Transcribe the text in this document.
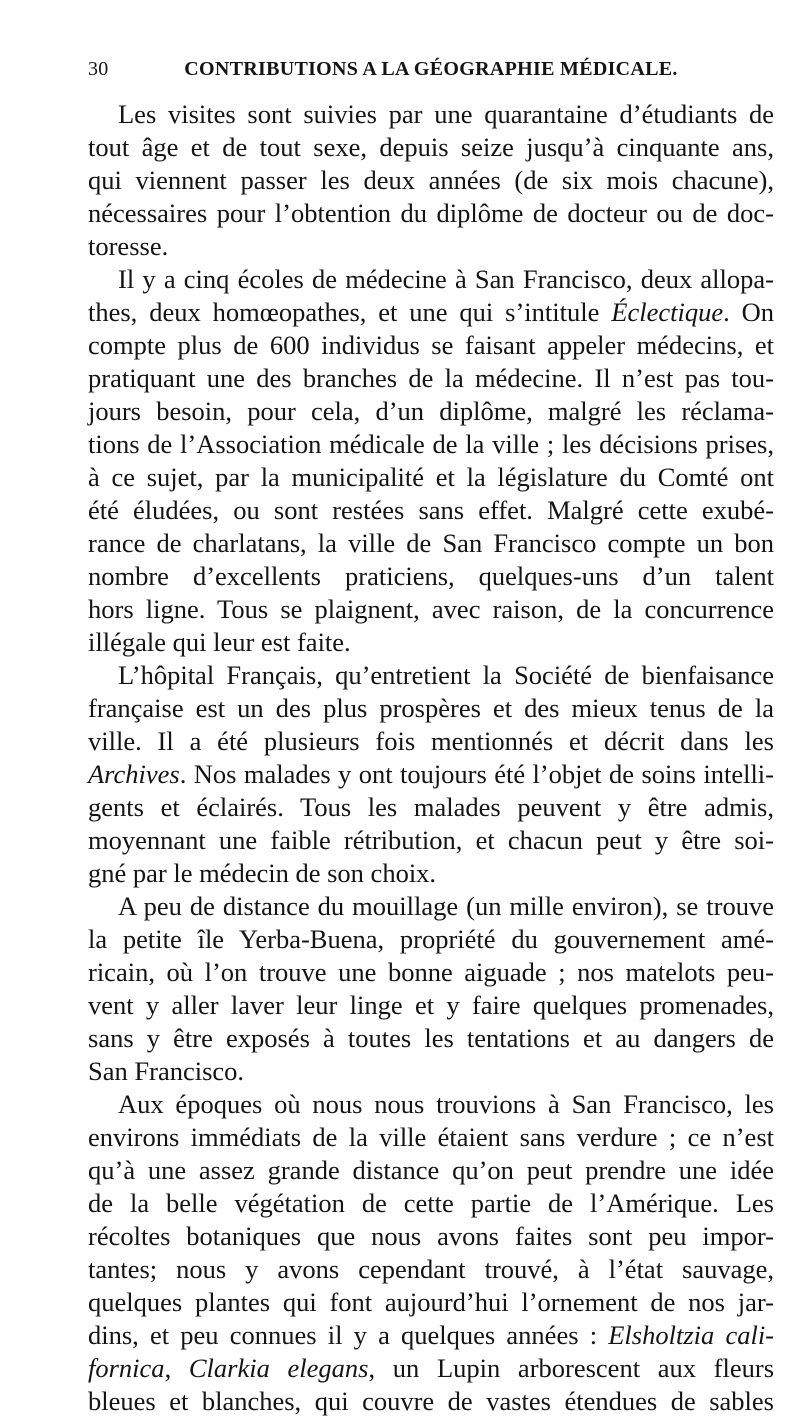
30	CONTRIBUTIONS A LA GÉOGRAPHIE MÉDICALE.
Les visites sont suivies par une quarantaine d’étudiants de
tout âge et de tout sexe, depuis seize jusqu’à cinquante ans,
qui viennent passer les deux années (de six mois chacune),
nécessaires pour l’obtention du diplôme de docteur ou de doc-
toresse.
Il y a cinq écoles de médecine à San Francisco, deux allopa-
thes, deux homœopathes, et une qui s’intitule Éclectique. On
compte plus de 600 individus se faisant appeler médecins, et
pratiquant une des branches de la médecine. Il n’est pas tou-
jours besoin, pour cela, d’un diplôme, malgré les réclama-
tions de l’Association médicale de la ville ; les décisions prises,
à ce sujet, par la municipalité et la législature du Comté ont
été éludées, ou sont restées sans effet. Malgré cette exubé-
rance de charlatans, la ville de San Francisco compte un bon
nombre d’excellents praticiens, quelques-uns d’un talent
hors ligne. Tous se plaignent, avec raison, de la concurrence
illégale qui leur est faite.
L’hôpital Français, qu’entretient la Société de bienfaisance
française est un des plus prospères et des mieux tenus de la
ville. Il a été plusieurs fois mentionnés et décrit dans les
Archives. Nos malades y ont toujours été l’objet de soins intelli-
gents et éclairés. Tous les malades peuvent y être admis,
moyennant une faible rétribution, et chacun peut y être soi-
gné par le médecin de son choix.
A peu de distance du mouillage (un mille environ), se trouve
la petite île Yerba-Buena, propriété du gouvernement amé-
ricain, où l’on trouve une bonne aiguade ; nos matelots peu-
vent y aller laver leur linge et y faire quelques promenades,
sans y être exposés à toutes les tentations et au dangers de
San Francisco.
Aux époques où nous nous trouvions à San Francisco, les
environs immédiats de la ville étaient sans verdure ; ce n’est
qu’à une assez grande distance qu’on peut prendre une idée
de la belle végétation de cette partie de l’Amérique. Les
récoltes botaniques que nous avons faites sont peu impor-
tantes; nous y avons cependant trouvé, à l’état sauvage,
quelques plantes qui font aujourd’hui l’ornement de nos jar-
dins, et peu connues il y a quelques années : Elsholtzia cali-
fornica, Clarkia elegans, un Lupin arborescent aux fleurs
bleues et blanches, qui couvre de vastes étendues de sables
